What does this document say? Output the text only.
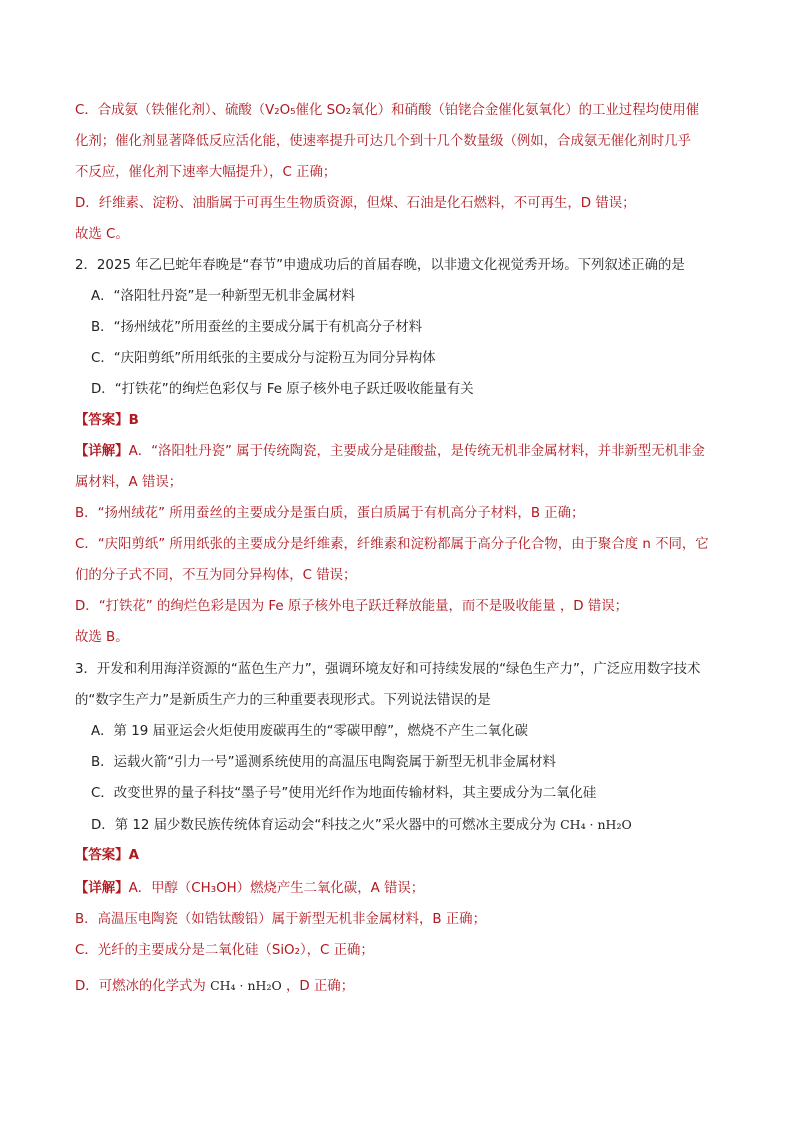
C．合成氨（铁催化剂）、硫酸（V₂O₅催化 SO₂氧化）和硝酸（铂铑合金催化氨氧化）的工业过程均使用催
化剂；催化剂显著降低反应活化能，使速率提升可达几个到十几个数量级（例如，合成氨无催化剂时几乎
不反应，催化剂下速率大幅提升），C 正确；
D．纤维素、淀粉、油脂属于可再生生物质资源，但煤、石油是化石燃料，不可再生，D 错误；
故选 C。
2．2025 年乙巳蛇年春晚是“春节”申遗成功后的首届春晚，以非遗文化视觉秀开场。下列叙述正确的是
A．“洛阳牡丹瓷”是一种新型无机非金属材料
B．“扬州绒花”所用蚕丝的主要成分属于有机高分子材料
C．“庆阳剪纸”所用纸张的主要成分与淀粉互为同分异构体
D．“打铁花”的绚烂色彩仅与 Fe 原子核外电子跃迁吸收能量有关
【答案】B
【详解】A．“洛阳牡丹瓷” 属于传统陶瓷，主要成分是硅酸盐，是传统无机非金属材料，并非新型无机非金
属材料，A 错误；
B．“扬州绒花” 所用蚕丝的主要成分是蛋白质，蛋白质属于有机高分子材料，B 正确；
C．“庆阳剪纸” 所用纸张的主要成分是纤维素，纤维素和淀粉都属于高分子化合物，由于聚合度 n 不同，它
们的分子式不同，不互为同分异构体，C 错误；
D．“打铁花” 的绚烂色彩是因为 Fe 原子核外电子跃迁释放能量，而不是吸收能量 ，D 错误；
故选 B。
3．开发和利用海洋资源的“蓝色生产力”，强调环境友好和可持续发展的“绿色生产力”，广泛应用数字技术
的“数字生产力”是新质生产力的三种重要表现形式。下列说法错误的是
A．第 19 届亚运会火炬使用废碳再生的“零碳甲醇”，燃烧不产生二氧化碳
B．运载火箭“引力一号”遥测系统使用的高温压电陶瓷属于新型无机非金属材料
C．改变世界的量子科技“墨子号”使用光纤作为地面传输材料，其主要成分为二氧化硅
D．第 12 届少数民族传统体育运动会“科技之火”采火器中的可燃冰主要成分为 CH₄ · nH₂O
【答案】A
【详解】A．甲醇（CH₃OH）燃烧产生二氧化碳，A 错误；
B．高温压电陶瓷（如锆钛酸铅）属于新型无机非金属材料，B 正确；
C．光纤的主要成分是二氧化硅（SiO₂），C 正确；
D．可燃冰的化学式为 CH₄ · nH₂O ，D 正确；
